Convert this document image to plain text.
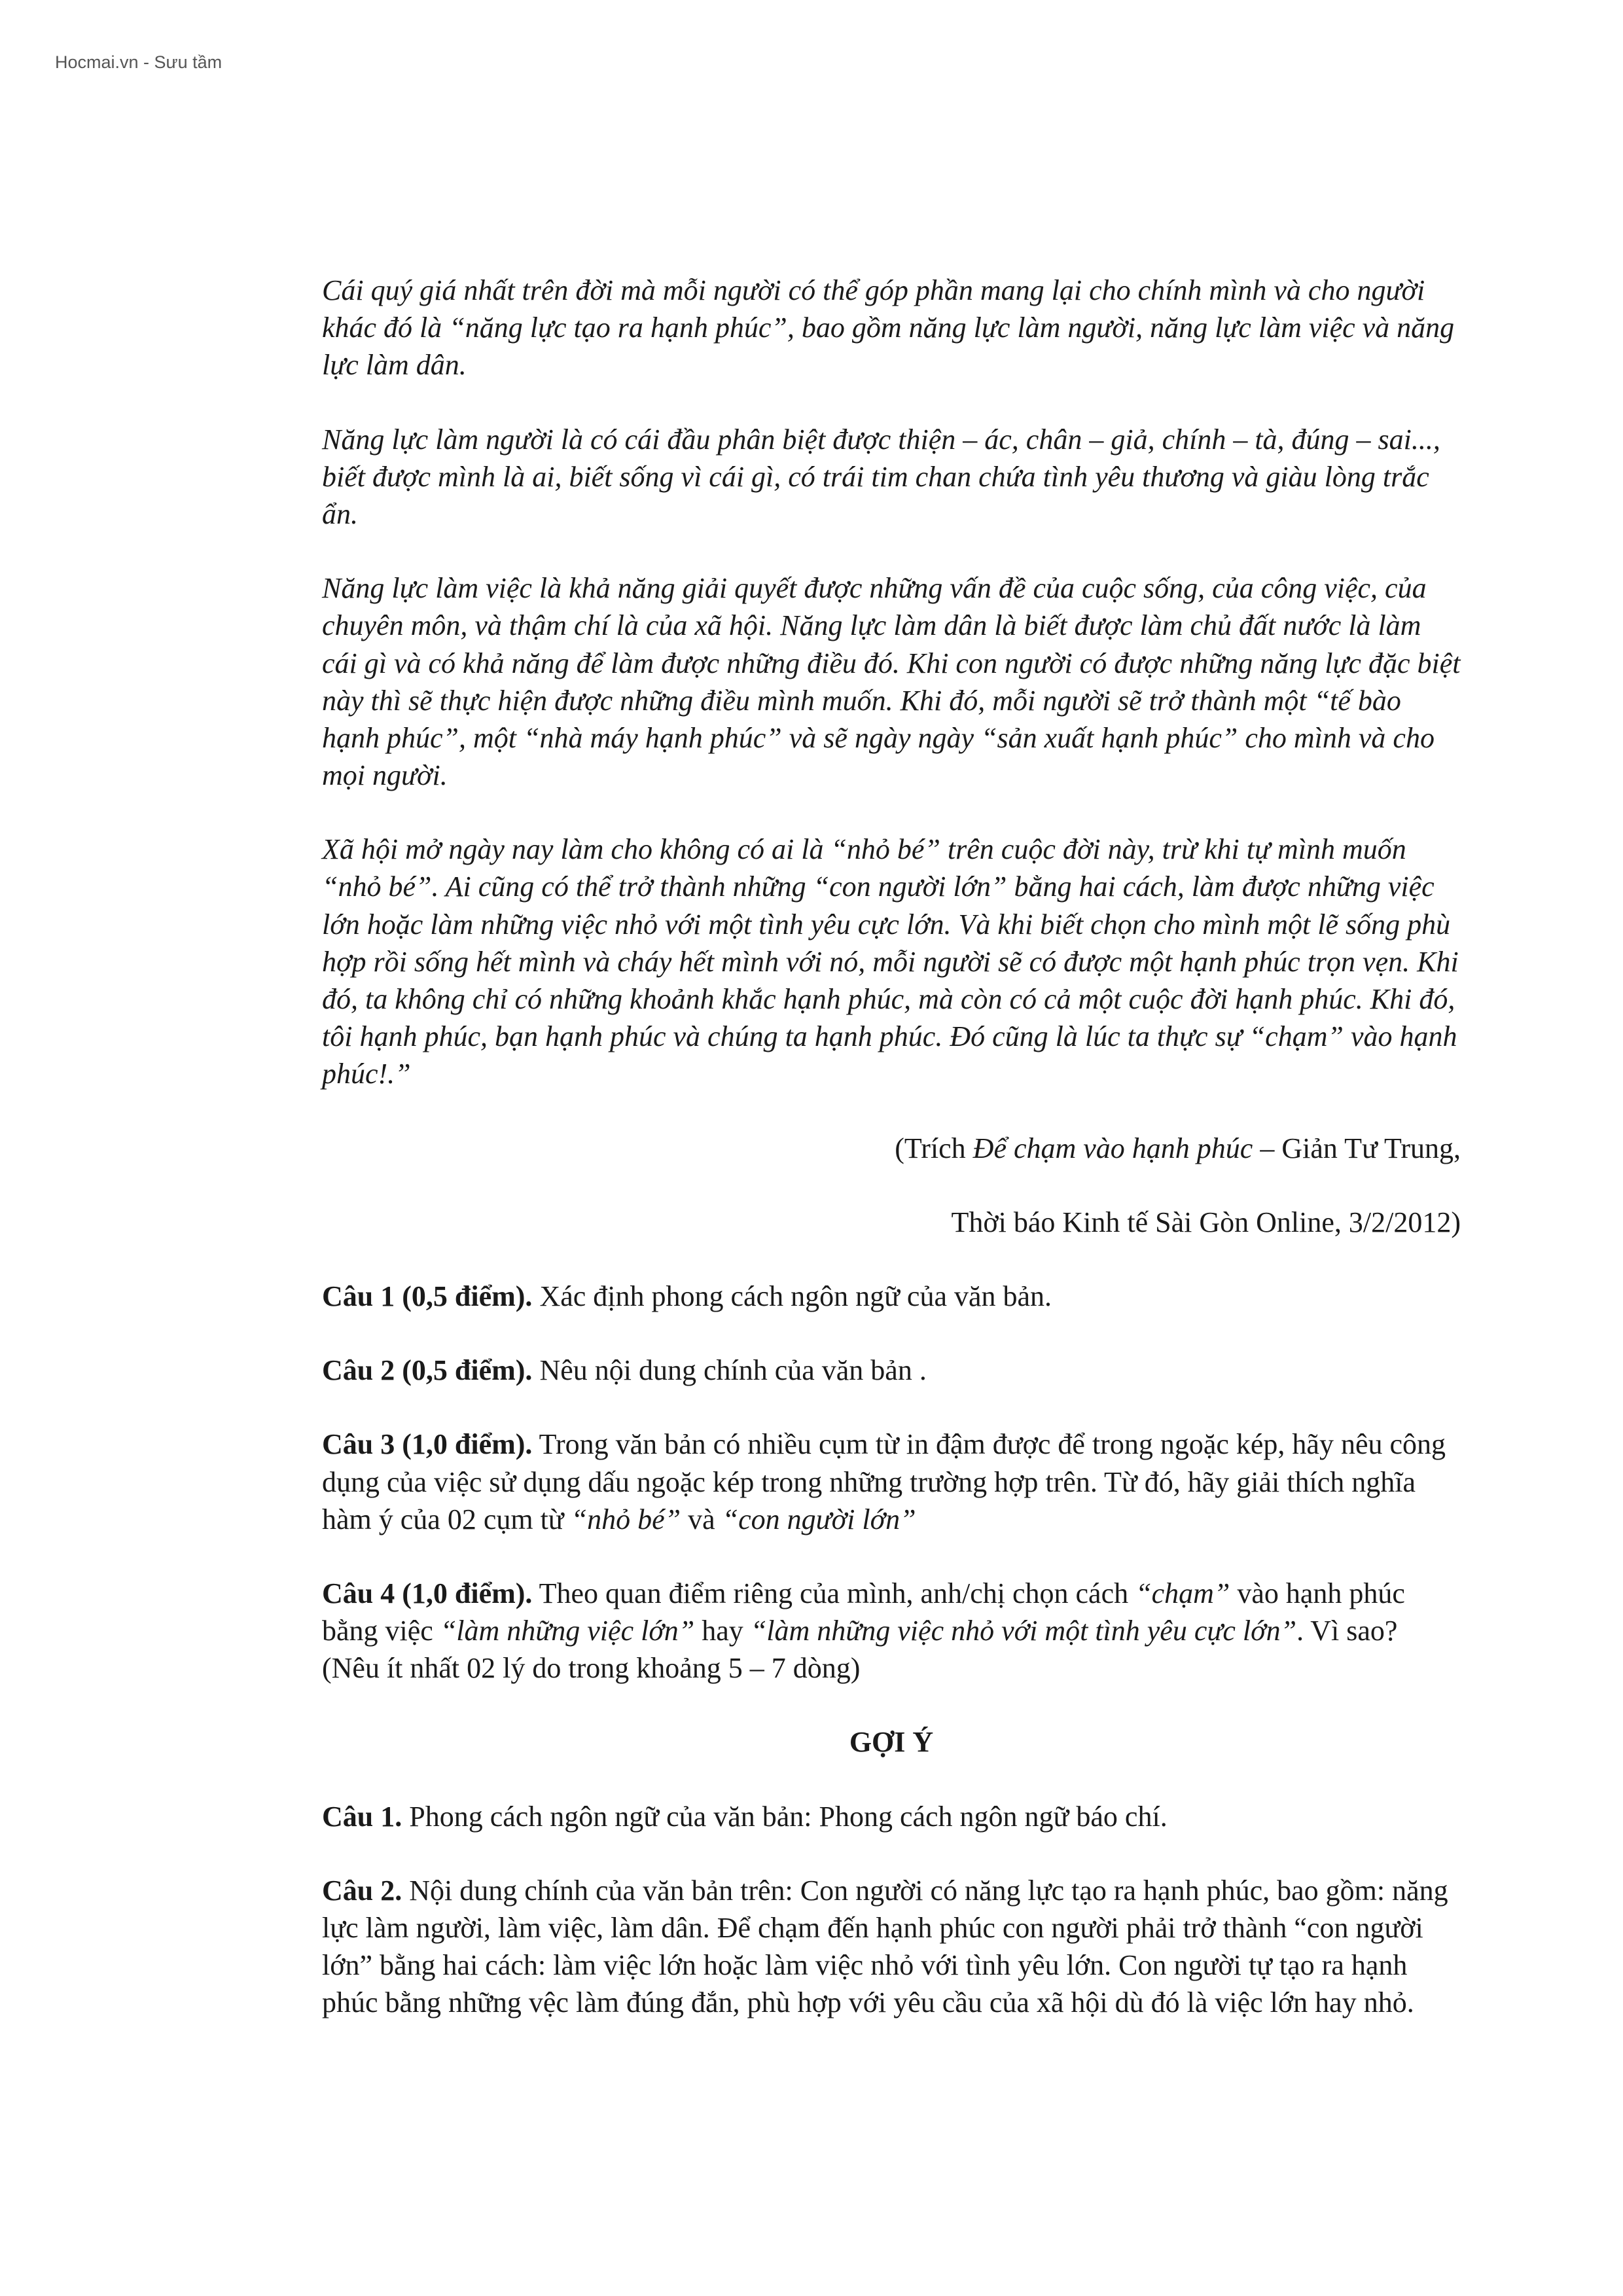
Hocmai.vn - Sưu tầm

Cái quý giá nhất trên đời mà mỗi người có thể góp phần mang lại cho chính mình và cho người khác đó là “năng lực tạo ra hạnh phúc”, bao gồm năng lực làm người, năng lực làm việc và năng lực làm dân.

Năng lực làm người là có cái đầu phân biệt được thiện – ác, chân – giả, chính – tà, đúng – sai..., biết được mình là ai, biết sống vì cái gì, có trái tim chan chứa tình yêu thương và giàu lòng trắc ẩn.

Năng lực làm việc là khả năng giải quyết được những vấn đề của cuộc sống, của công việc, của chuyên môn, và thậm chí là của xã hội. Năng lực làm dân là biết được làm chủ đất nước là làm cái gì và có khả năng để làm được những điều đó. Khi con người có được những năng lực đặc biệt này thì sẽ thực hiện được những điều mình muốn. Khi đó, mỗi người sẽ trở thành một “tế bào hạnh phúc”, một “nhà máy hạnh phúc” và sẽ ngày ngày “sản xuất hạnh phúc” cho mình và cho mọi người.

Xã hội mở ngày nay làm cho không có ai là “nhỏ bé” trên cuộc đời này, trừ khi tự mình muốn “nhỏ bé”. Ai cũng có thể trở thành những “con người lớn” bằng hai cách, làm được những việc lớn hoặc làm những việc nhỏ với một tình yêu cực lớn. Và khi biết chọn cho mình một lẽ sống phù hợp rồi sống hết mình và cháy hết mình với nó, mỗi người sẽ có được một hạnh phúc trọn vẹn. Khi đó, ta không chỉ có những khoảnh khắc hạnh phúc, mà còn có cả một cuộc đời hạnh phúc. Khi đó, tôi hạnh phúc, bạn hạnh phúc và chúng ta hạnh phúc. Đó cũng là lúc ta thực sự “chạm” vào hạnh phúc!.”

(Trích Để chạm vào hạnh phúc – Giản Tư Trung,

Thời báo Kinh tế Sài Gòn Online, 3/2/2012)

Câu 1 (0,5 điểm). Xác định phong cách ngôn ngữ của văn bản.

Câu 2 (0,5 điểm). Nêu nội dung chính của văn bản .

Câu 3 (1,0 điểm). Trong văn bản có nhiều cụm từ in đậm được để trong ngoặc kép, hãy nêu công dụng của việc sử dụng dấu ngoặc kép trong những trường hợp trên. Từ đó, hãy giải thích nghĩa hàm ý của 02 cụm từ “nhỏ bé” và “con người lớn”

Câu 4 (1,0 điểm). Theo quan điểm riêng của mình, anh/chị chọn cách “chạm” vào hạnh phúc bằng việc “làm những việc lớn” hay “làm những việc nhỏ với một tình yêu cực lớn”. Vì sao? (Nêu ít nhất 02 lý do trong khoảng 5 – 7 dòng)

GỢI Ý

Câu 1. Phong cách ngôn ngữ của văn bản: Phong cách ngôn ngữ báo chí.

Câu 2. Nội dung chính của văn bản trên: Con người có năng lực tạo ra hạnh phúc, bao gồm: năng lực làm người, làm việc, làm dân. Để chạm đến hạnh phúc con người phải trở thành “con người lớn” bằng hai cách: làm việc lớn hoặc làm việc nhỏ với tình yêu lớn. Con người tự tạo ra hạnh phúc bằng những vệc làm đúng đắn, phù hợp với yêu cầu của xã hội dù đó là việc lớn hay nhỏ.
